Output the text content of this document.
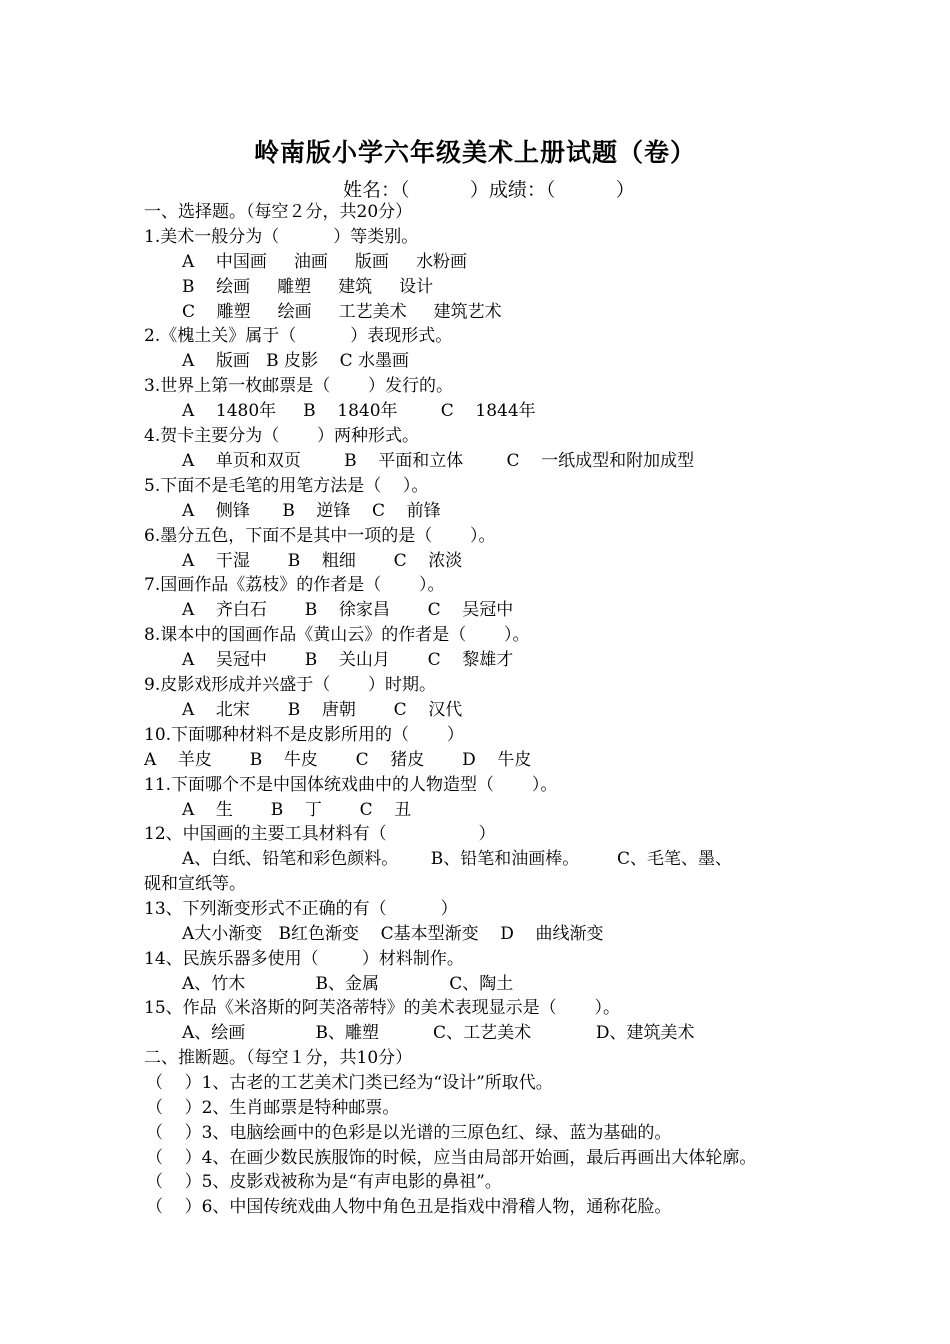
岭南版小学六年级美术上册试题（卷）
姓名：（          ）成绩：（          ）
一、选择题。（每空２分，共20分）
1.美术一般分为（          ）等类别。
A    中国画     油画     版画     水粉画
B    绘画     雕塑     建筑     设计
C    雕塑     绘画     工艺美术     建筑艺术
2.《槐土关》属于（          ）表现形式。
A    版画   B 皮影    C 水墨画
3.世界上第一枚邮票是（       ）发行的。
A    1480年     B    1840年        C    1844年
4.贺卡主要分为（       ）两种形式。
A    单页和双页        B    平面和立体        C    一纸成型和附加成型
5.下面不是毛笔的用笔方法是（    ）。
A    侧锋      B    逆锋    C    前锋
6.墨分五色，下面不是其中一项的是（       ）。
A    干湿       B    粗细       C    浓淡
7.国画作品《荔枝》的作者是（       ）。
A    齐白石       B    徐家昌       C    吴冠中
8.课本中的国画作品《黄山云》的作者是（       ）。
A    吴冠中       B    关山月       C    黎雄才
9.皮影戏形成并兴盛于（       ）时期。
A    北宋       B    唐朝       C    汉代
10.下面哪种材料不是皮影所用的（       ）
A    羊皮       B    牛皮       C    猪皮       D    牛皮
11.下面哪个不是中国体统戏曲中的人物造型（       ）。
A    生       B    丁       C    丑
12、中国画的主要工具材料有（                 ）
A、白纸、铅笔和彩色颜料。      B、铅笔和油画棒。       C、毛笔、墨、
砚和宣纸等。
13、下列渐变形式不正确的有（          ）
A大小渐变   B红色渐变    C基本型渐变    D    曲线渐变
14、民族乐器多使用（        ）材料制作。
A、竹木             B、金属             C、陶土
15、作品《米洛斯的阿芙洛蒂特》的美术表现显示是（       ）。
A、绘画             B、雕塑          C、工艺美术            D、建筑美术
二、推断题。（每空１分，共10分）
（    ）1、古老的工艺美术门类已经为“设计”所取代。
（    ）2、生肖邮票是特种邮票。
（    ）3、电脑绘画中的色彩是以光谱的三原色红、绿、蓝为基础的。
（    ）4、在画少数民族服饰的时候，应当由局部开始画，最后再画出大体轮廓。
（    ）5、皮影戏被称为是“有声电影的鼻祖”。
（    ）6、中国传统戏曲人物中角色丑是指戏中滑稽人物，通称花脸。
